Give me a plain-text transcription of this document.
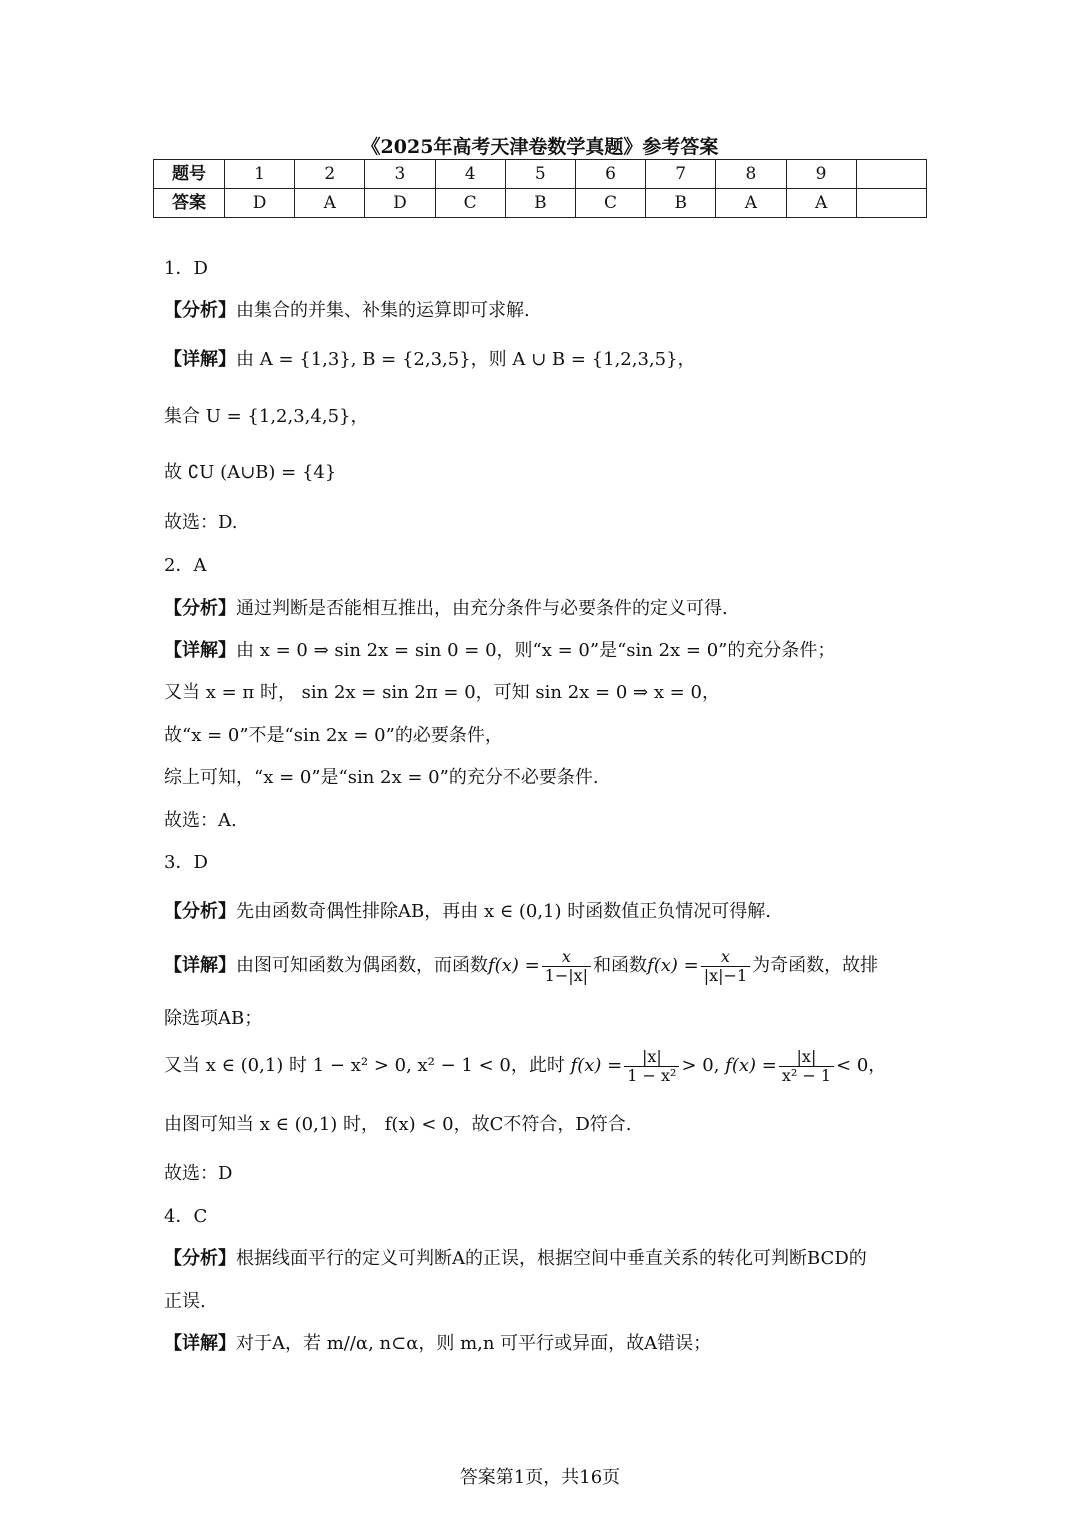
《2025年高考天津卷数学真题》参考答案
题号	1	2	3	4	5	6	7	8	9	
答案	D	A	D	C	B	C	B	A	A	
1．D
【分析】由集合的并集、补集的运算即可求解.
【详解】由 A = {1,3}, B = {2,3,5}，则 A ∪ B = {1,2,3,5}，
集合 U = {1,2,3,4,5}，
故 ∁U (A∪B) = {4}
故选：D.
2．A
【分析】通过判断是否能相互推出，由充分条件与必要条件的定义可得.
【详解】由 x = 0 ⇒ sin 2x = sin 0 = 0，则“x = 0”是“sin 2x = 0”的充分条件；
又当 x = π 时， sin 2x = sin 2π = 0，可知 sin 2x = 0 ⇒ x = 0，
故“x = 0”不是“sin 2x = 0”的必要条件，
综上可知，“x = 0”是“sin 2x = 0”的充分不必要条件.
故选：A.
3．D
【分析】先由函数奇偶性排除AB，再由 x ∈ (0,1) 时函数值正负情况可得解.
【详解】由图可知函数为偶函数，而函数$f(x) = \frac{x}{1-|x|}$ 和函数$f(x) = \frac{x}{|x|-1}$ 为奇函数，故排
除选项AB；
又当 x ∈ (0,1) 时 1 − x² > 0, x² − 1 < 0，此时 $f(x) = \frac{|x|}{\text{1 − x²}} > 0$, $f(x) = \frac{|x|}{\text{x² − 1}} < 0$，
由图可知当 x ∈ (0,1) 时， f(x) < 0，故C不符合，D符合.
故选：D
4．C
【分析】根据线面平行的定义可判断A的正误，根据空间中垂直关系的转化可判断BCD的
正误.
【详解】对于A，若 m//α, n⊂α，则 m,n 可平行或异面，故A错误；
答案第1页，共16页
